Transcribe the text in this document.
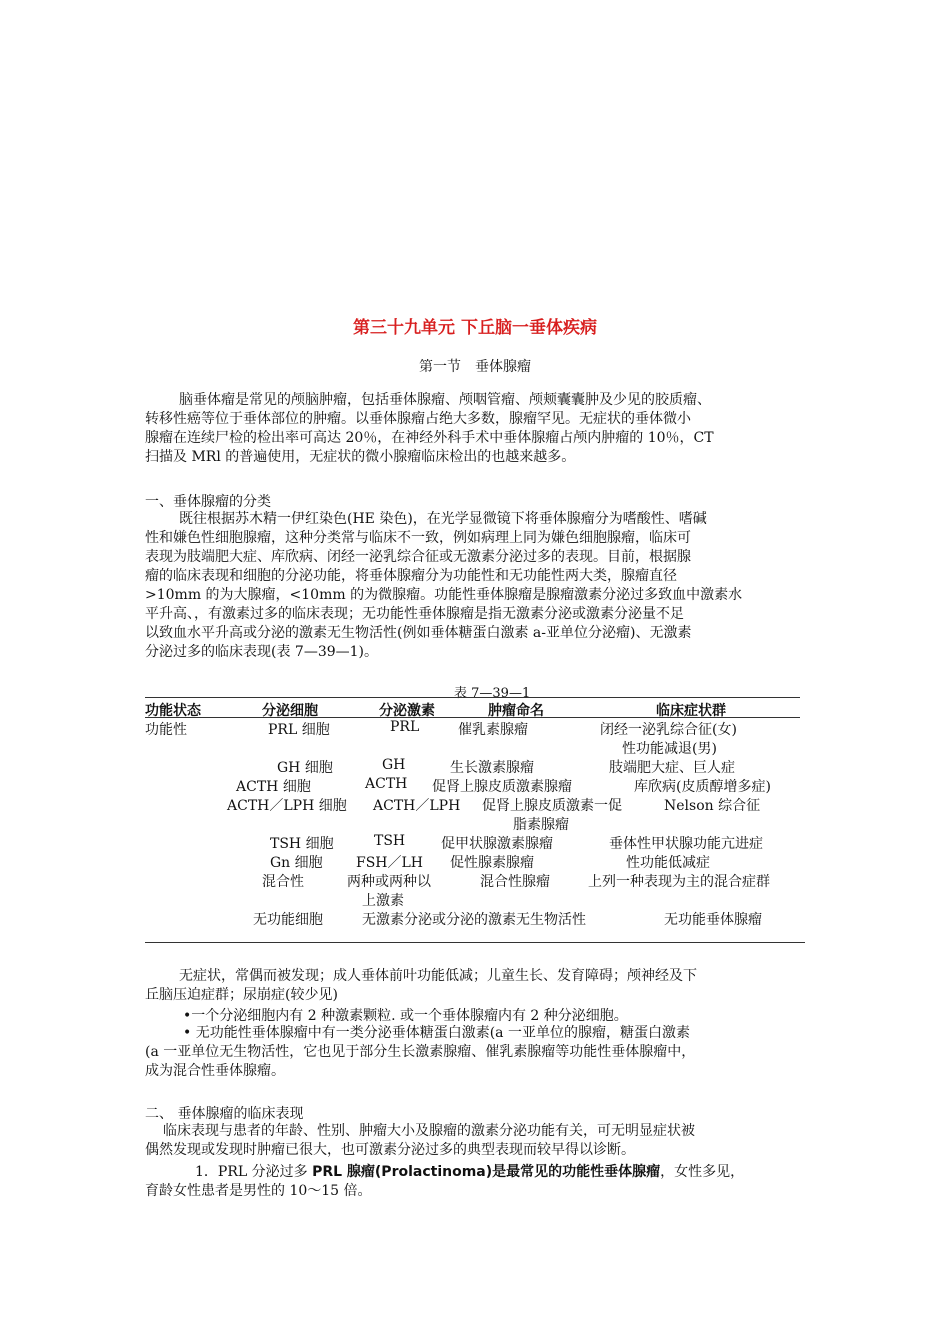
第三十九单元 下丘脑一垂体疾病
第一节　垂体腺瘤
脑垂体瘤是常见的颅脑肿瘤，包括垂体腺瘤、颅咽管瘤、颅颊囊囊肿及少见的胶质瘤、
转移性癌等位于垂体部位的肿瘤。以垂体腺瘤占绝大多数，腺瘤罕见。无症状的垂体微小
腺瘤在连续尸检的检出率可高达 20％，在神经外科手术中垂体腺瘤占颅内肿瘤的 10％，CT
扫描及 MRl 的普遍使用，无症状的微小腺瘤临床检出的也越来越多。
一、垂体腺瘤的分类
既往根据苏木精一伊红染色(HE 染色)，在光学显微镜下将垂体腺瘤分为嗜酸性、嗜碱
性和嫌色性细胞腺瘤，这种分类常与临床不一致，例如病理上同为嫌色细胞腺瘤，临床可
表现为肢端肥大症、库欣病、闭经一泌乳综合征或无激素分泌过多的表现。目前，根据腺
瘤的临床表现和细胞的分泌功能，将垂体腺瘤分为功能性和无功能性两大类，腺瘤直径
>10mm 的为大腺瘤，<10mm 的为微腺瘤。功能性垂体腺瘤是腺瘤激素分泌过多致血中激素水
平升高、，有激素过多的临床表现；无功能性垂体腺瘤是指无激素分泌或激素分泌量不足
以致血水平升高或分泌的激素无生物活性(例如垂体糖蛋白激素 a-亚单位分泌瘤)、无激素
分泌过多的临床表现(表 7—39—1)。
表 7—39—1
功能状态	分泌细胞	分泌激素	肿瘤命名	临床症状群
功能性	PRL 细胞	PRL	催乳素腺瘤	闭经一泌乳综合征(女)
性功能减退(男)
GH 细胞	GH	生长激素腺瘤	肢端肥大症、巨人症
ACTH 细胞	ACTH 促肾上腺皮质激素腺瘤	库欣病(皮质醇增多症)
ACTH／LPH 细胞 ACTH／LPH 促肾上腺皮质激素一促	Nelson 综合征
脂素腺瘤
TSH 细胞	TSH	促甲状腺激素腺瘤	垂体性甲状腺功能亢进症
Gn 细胞 FSH／LH 促性腺素腺瘤	性功能低减症
混合性	两种或两种以	混合性腺瘤	上列一种表现为主的混合症群
上激素
无功能细胞	无激素分泌或分泌的激素无生物活性	无功能垂体腺瘤
无症状，常偶而被发现；成人垂体前叶功能低减；儿童生长、发育障碍；颅神经及下
丘脑压迫症群；尿崩症(较少见)
•一个分泌细胞内有 2 种激素颗粒. 或一个垂体腺瘤内有 2 种分泌细胞。
• 无功能性垂体腺瘤中有一类分泌垂体糖蛋白激素(a 一亚单位的腺瘤，糖蛋白激素
(a 一亚单位无生物活性，它也见于部分生长激素腺瘤、催乳素腺瘤等功能性垂体腺瘤中，
成为混合性垂体腺瘤。
二、 垂体腺瘤的临床表现
临床表现与患者的年龄、性别、肿瘤大小及腺瘤的激素分泌功能有关，可无明显症状被
偶然发现或发现时肿瘤已很大，也可激素分泌过多的典型表现而较早得以诊断。
1．PRL 分泌过多 PRL 腺瘤(Prolactinoma)是最常见的功能性垂体腺瘤，女性多见，
育龄女性患者是男性的 10～15 倍。
